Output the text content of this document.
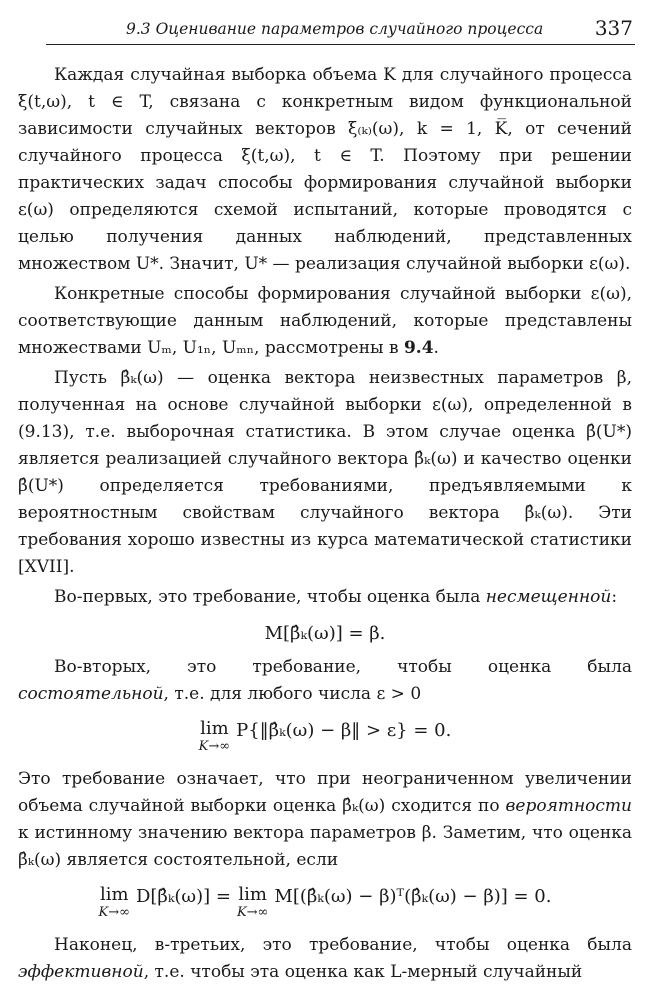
9.3 Оценивание параметров случайного процесса	337

Каждая случайная выборка объема K для случайного процесса ξ(t,ω), t ∈ T, связана с конкретным видом функциональной зависимости случайных векторов ξ₍ₖ₎(ω), k = 1, K̅, от сечений случайного процесса ξ(t,ω), t ∈ T. Поэтому при решении практических задач способы формирования случайной выборки ε(ω) определяются схемой испытаний, которые проводятся с целью получения данных наблюдений, представленных множеством U*. Значит, U* — реализация случайной выборки ε(ω).

Конкретные способы формирования случайной выборки ε(ω), соответствующие данным наблюдений, которые представлены множествами Uₘ, U₁ₙ, Uₘₙ, рассмотрены в 9.4.

Пусть β̂ₖ(ω) — оценка вектора неизвестных параметров β, полученная на основе случайной выборки ε(ω), определенной в (9.13), т.е. выборочная статистика. В этом случае оценка β̂(U*) является реализацией случайного вектора β̂ₖ(ω) и качество оценки β̂(U*) определяется требованиями, предъявляемыми к вероятностным свойствам случайного вектора β̂ₖ(ω). Эти требования хорошо известны из курса математической статистики [XVII].

Во-первых, это требование, чтобы оценка была несмещенной:

M[β̂ₖ(ω)] = β.

Во-вторых, это требование, чтобы оценка была состоятельной, т.е. для любого числа ε > 0

lim
K→∞
P{‖β̂ₖ(ω) − β‖ > ε} = 0.

Это требование означает, что при неограниченном увеличении объема случайной выборки оценка β̂ₖ(ω) сходится по вероятности к истинному значению вектора параметров β. Заметим, что оценка β̂ₖ(ω) является состоятельной, если

lim
K→∞
D[β̂ₖ(ω)] = lim
K→∞
M[(β̂ₖ(ω) − β)ᵀ(β̂ₖ(ω) − β)] = 0.

Наконец, в-третьих, это требование, чтобы оценка была эффективной, т.е. чтобы эта оценка как L-мерный случайный
